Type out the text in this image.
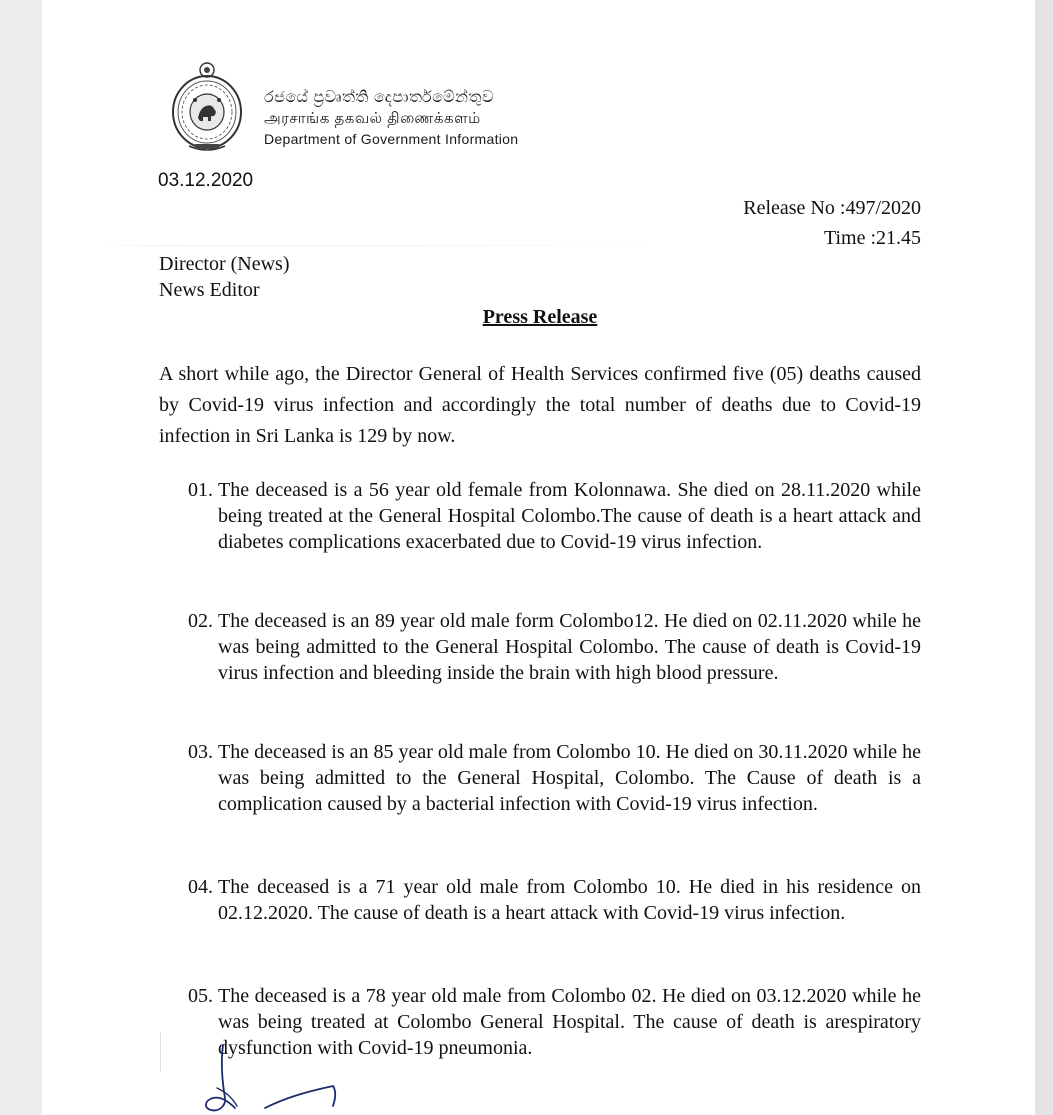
රජයේ ප්‍රවෘත්ති දෙපාර්තමේන්තුව
அரசாங்க தகவல் திணைக்களம்
Department of Government Information
03.12.2020
Release No :497/2020
Time :21.45
Director (News)
News Editor
Press Release
A short while ago, the Director General of Health Services confirmed five (05) deaths caused by Covid-19 virus infection and accordingly the total number of deaths due to Covid-19 infection in Sri Lanka is 129 by now.
01. The deceased is a 56 year old female from Kolonnawa. She died on 28.11.2020 while being treated at the General Hospital Colombo.The cause of death is a heart attack and diabetes complications exacerbated due to Covid-19 virus infection.
02. The deceased is an 89 year old male form Colombo12. He died on 02.11.2020 while he was being admitted to the General Hospital Colombo. The cause of death is Covid-19 virus infection and bleeding inside the brain with high blood pressure.
03. The deceased is an 85 year old male from Colombo 10. He died on 30.11.2020 while he was being admitted to the General Hospital, Colombo. The Cause of death is a complication caused by a bacterial infection with Covid-19 virus infection.
04. The deceased is a 71 year old male from Colombo 10. He died in his residence on 02.12.2020. The cause of death is a heart attack with Covid-19 virus infection.
05. The deceased is a 78 year old male from Colombo 02. He died on 03.12.2020 while he was being treated at Colombo General Hospital. The cause of death is arespiratory dysfunction with Covid-19 pneumonia.
